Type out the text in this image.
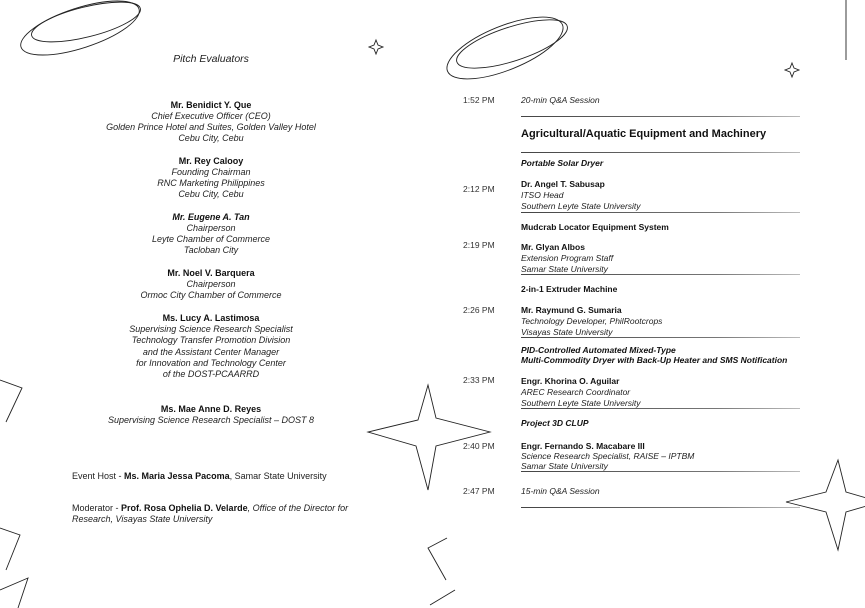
Pitch Evaluators
Mr. Benidict Y. Que
Chief Executive Officer (CEO)
Golden Prince Hotel and Suites, Golden Valley Hotel
Cebu City, Cebu
Mr. Rey Calooy
Founding Chairman
RNC Marketing Philippines
Cebu City, Cebu
Mr. Eugene A. Tan
Chairperson
Leyte Chamber of Commerce
Tacloban City
Mr. Noel V. Barquera
Chairperson
Ormoc City Chamber of Commerce
Ms. Lucy A. Lastimosa
Supervising Science Research Specialist
Technology Transfer Promotion Division
and the Assistant Center Manager
for Innovation and Technology Center
of the DOST-PCAARRD
Ms. Mae Anne D. Reyes
Supervising Science Research Specialist – DOST 8
Event Host - Ms. Maria Jessa Pacoma, Samar State University
Moderator - Prof. Rosa Ophelia D. Velarde, Office of the Director for
Research, Visayas State University
1:52 PM	20-min Q&A Session
Agricultural/Aquatic Equipment and Machinery
Portable Solar Dryer
2:12 PM	Dr. Angel T. Sabusap
ITSO Head
Southern Leyte State University
Mudcrab Locator Equipment System
2:19 PM	Mr. Glyan Albos
Extension Program Staff
Samar State University
2-in-1 Extruder Machine
2:26 PM	Mr. Raymund G. Sumaria
Technology Developer, PhilRootcrops
Visayas State University
PID-Controlled Automated Mixed-Type
Multi-Commodity Dryer with Back-Up Heater and SMS Notification
2:33 PM	Engr. Khorina O. Aguilar
AREC Research Coordinator
Southern Leyte State University
Project 3D CLUP
2:40 PM	Engr. Fernando S. Macabare III
Science Research Specialist, RAISE – IPTBM
Samar State University
2:47 PM	15-min Q&A Session
